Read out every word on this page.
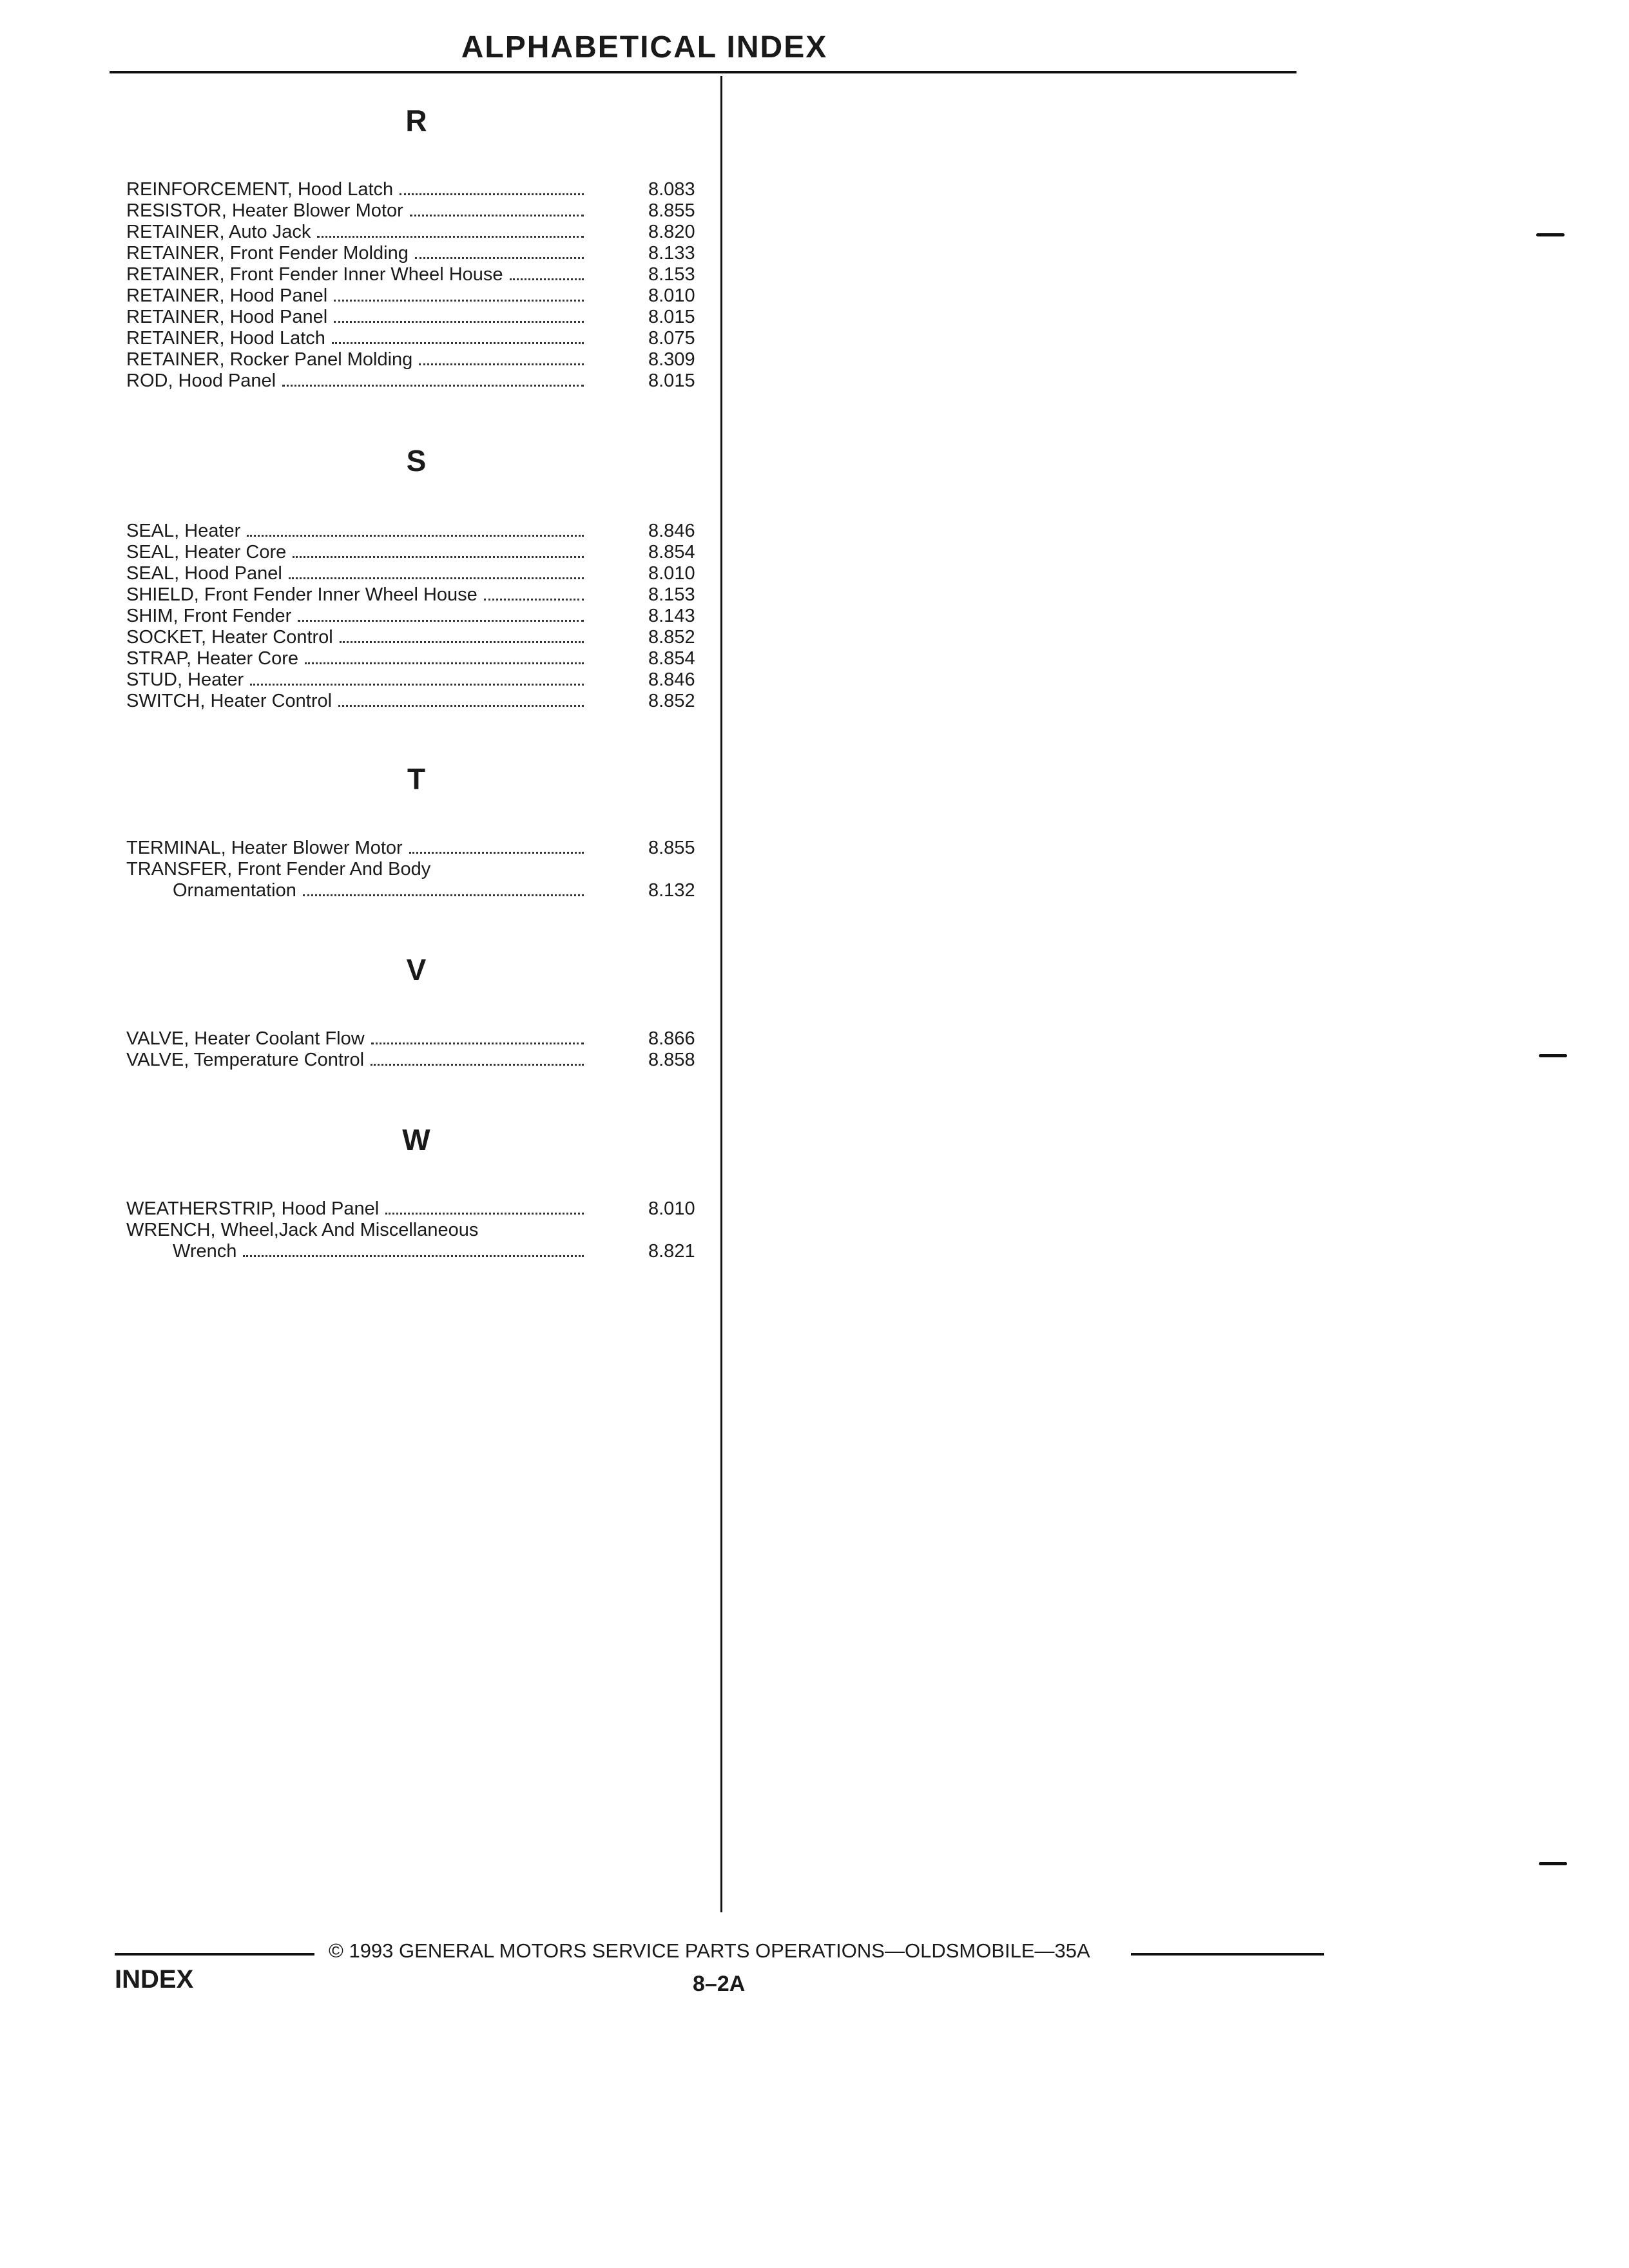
ALPHABETICAL INDEX
R
REINFORCEMENT, Hood Latch	8.083
RESISTOR, Heater Blower Motor	8.855
RETAINER, Auto Jack	8.820
RETAINER, Front Fender Molding	8.133
RETAINER, Front Fender Inner Wheel House	8.153
RETAINER, Hood Panel	8.010
RETAINER, Hood Panel	8.015
RETAINER, Hood Latch	8.075
RETAINER, Rocker Panel Molding	8.309
ROD, Hood Panel	8.015
S
SEAL, Heater	8.846
SEAL, Heater Core	8.854
SEAL, Hood Panel	8.010
SHIELD, Front Fender Inner Wheel House	8.153
SHIM, Front Fender	8.143
SOCKET, Heater Control	8.852
STRAP, Heater Core	8.854
STUD, Heater	8.846
SWITCH, Heater Control	8.852
T
TERMINAL, Heater Blower Motor	8.855
TRANSFER, Front Fender And Body
Ornamentation	8.132
V
VALVE, Heater Coolant Flow	8.866
VALVE, Temperature Control	8.858
W
WEATHERSTRIP, Hood Panel	8.010
WRENCH, Wheel,Jack And Miscellaneous
Wrench	8.821
© 1993 GENERAL MOTORS SERVICE PARTS OPERATIONS—OLDSMOBILE—35A
INDEX	8–2A
